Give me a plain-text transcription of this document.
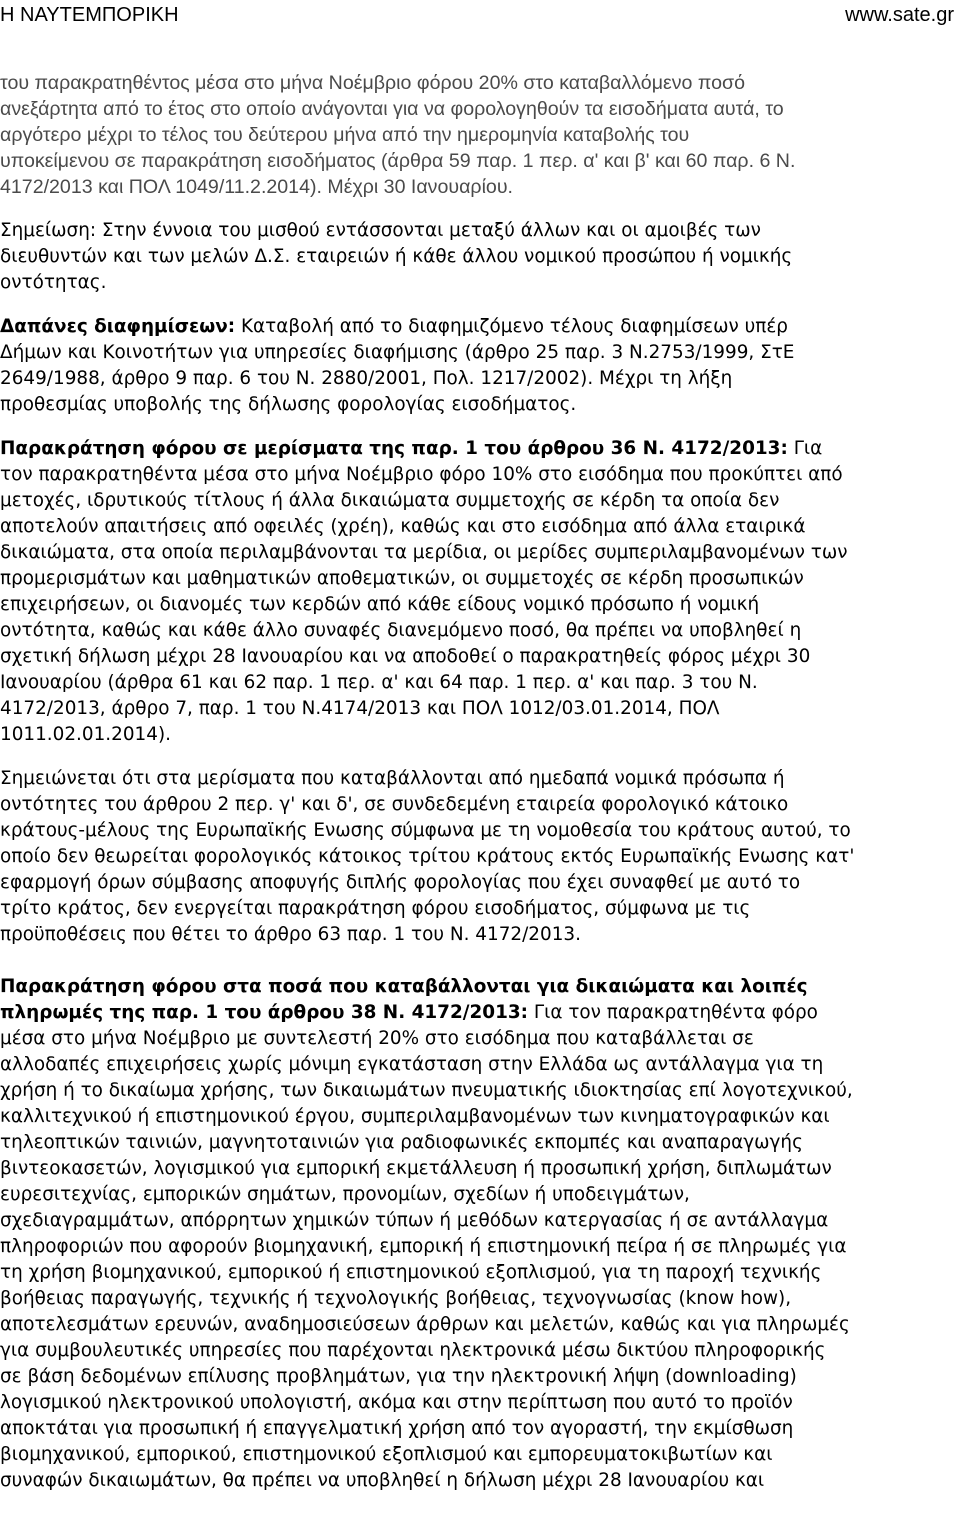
Η ΝΑΥΤΕΜΠΟΡΙΚΗ	www.sate.gr
του παρακρατηθέντος μέσα στο μήνα Νοέμβριο φόρου 20% στο καταβαλλόμενο ποσό
ανεξάρτητα από το έτος στο οποίο ανάγονται για να φορολογηθούν τα εισοδήματα αυτά, το
αργότερο μέχρι το τέλος του δεύτερου μήνα από την ημερομηνία καταβολής του
υποκείμενου σε παρακράτηση εισοδήματος (άρθρα 59 παρ. 1 περ. α' και β' και 60 παρ. 6 Ν.
4172/2013 και ΠΟΛ 1049/11.2.2014). Μέχρι 30 Ιανουαρίου.
Σημείωση: Στην έννοια του μισθού εντάσσονται μεταξύ άλλων και οι αμοιβές των
διευθυντών και των μελών Δ.Σ. εταιρειών ή κάθε άλλου νομικού προσώπου ή νομικής
οντότητας.
Δαπάνες διαφημίσεων: Καταβολή από το διαφημιζόμενο τέλους διαφημίσεων υπέρ
Δήμων και Κοινοτήτων για υπηρεσίες διαφήμισης (άρθρο 25 παρ. 3 Ν.2753/1999, ΣτΕ
2649/1988, άρθρο 9 παρ. 6 του Ν. 2880/2001, Πολ. 1217/2002). Μέχρι τη λήξη
προθεσμίας υποβολής της δήλωσης φορολογίας εισοδήματος.
Παρακράτηση φόρου σε μερίσματα της παρ. 1 του άρθρου 36 Ν. 4172/2013: Για
τον παρακρατηθέντα μέσα στο μήνα Νοέμβριο φόρο 10% στο εισόδημα που προκύπτει από
μετοχές, ιδρυτικούς τίτλους ή άλλα δικαιώματα συμμετοχής σε κέρδη τα οποία δεν
αποτελούν απαιτήσεις από οφειλές (χρέη), καθώς και στο εισόδημα από άλλα εταιρικά
δικαιώματα, στα οποία περιλαμβάνονται τα μερίδια, οι μερίδες συμπεριλαμβανομένων των
προμερισμάτων και μαθηματικών αποθεματικών, οι συμμετοχές σε κέρδη προσωπικών
επιχειρήσεων, οι διανομές των κερδών από κάθε είδους νομικό πρόσωπο ή νομική
οντότητα, καθώς και κάθε άλλο συναφές διανεμόμενο ποσό, θα πρέπει να υποβληθεί η
σχετική δήλωση μέχρι 28 Ιανουαρίου και να αποδοθεί ο παρακρατηθείς φόρος μέχρι 30
Ιανουαρίου (άρθρα 61 και 62 παρ. 1 περ. α' και 64 παρ. 1 περ. α' και παρ. 3 του Ν.
4172/2013, άρθρο 7, παρ. 1 του Ν.4174/2013 και ΠΟΛ 1012/03.01.2014, ΠΟΛ
1011.02.01.2014).
Σημειώνεται ότι στα μερίσματα που καταβάλλονται από ημεδαπά νομικά πρόσωπα ή
οντότητες του άρθρου 2 περ. γ' και δ', σε συνδεδεμένη εταιρεία φορολογικό κάτοικο
κράτους-μέλους της Ευρωπαϊκής Ενωσης σύμφωνα με τη νομοθεσία του κράτους αυτού, το
οποίο δεν θεωρείται φορολογικός κάτοικος τρίτου κράτους εκτός Ευρωπαϊκής Ενωσης κατ'
εφαρμογή όρων σύμβασης αποφυγής διπλής φορολογίας που έχει συναφθεί με αυτό το
τρίτο κράτος, δεν ενεργείται παρακράτηση φόρου εισοδήματος, σύμφωνα με τις
προϋποθέσεις που θέτει το άρθρο 63 παρ. 1 του Ν. 4172/2013.
Παρακράτηση φόρου στα ποσά που καταβάλλονται για δικαιώματα και λοιπές
πληρωμές της παρ. 1 του άρθρου 38 Ν. 4172/2013: Για τον παρακρατηθέντα φόρο
μέσα στο μήνα Νοέμβριο με συντελεστή 20% στο εισόδημα που καταβάλλεται σε
αλλοδαπές επιχειρήσεις χωρίς μόνιμη εγκατάσταση στην Ελλάδα ως αντάλλαγμα για τη
χρήση ή το δικαίωμα χρήσης, των δικαιωμάτων πνευματικής ιδιοκτησίας επί λογοτεχνικού,
καλλιτεχνικού ή επιστημονικού έργου, συμπεριλαμβανομένων των κινηματογραφικών και
τηλεοπτικών ταινιών, μαγνητοταινιών για ραδιοφωνικές εκπομπές και αναπαραγωγής
βιντεοκασετών, λογισμικού για εμπορική εκμετάλλευση ή προσωπική χρήση, διπλωμάτων
ευρεσιτεχνίας, εμπορικών σημάτων, προνομίων, σχεδίων ή υποδειγμάτων,
σχεδιαγραμμάτων, απόρρητων χημικών τύπων ή μεθόδων κατεργασίας ή σε αντάλλαγμα
πληροφοριών που αφορούν βιομηχανική, εμπορική ή επιστημονική πείρα ή σε πληρωμές για
τη χρήση βιομηχανικού, εμπορικού ή επιστημονικού εξοπλισμού, για τη παροχή τεχνικής
βοήθειας παραγωγής, τεχνικής ή τεχνολογικής βοήθειας, τεχνογνωσίας (know how),
αποτελεσμάτων ερευνών, αναδημοσιεύσεων άρθρων και μελετών, καθώς και για πληρωμές
για συμβουλευτικές υπηρεσίες που παρέχονται ηλεκτρονικά μέσω δικτύου πληροφορικής
σε βάση δεδομένων επίλυσης προβλημάτων, για την ηλεκτρονική λήψη (downloading)
λογισμικού ηλεκτρονικού υπολογιστή, ακόμα και στην περίπτωση που αυτό το προϊόν
αποκτάται για προσωπική ή επαγγελματική χρήση από τον αγοραστή, την εκμίσθωση
βιομηχανικού, εμπορικού, επιστημονικού εξοπλισμού και εμπορευματοκιβωτίων και
συναφών δικαιωμάτων, θα πρέπει να υποβληθεί η δήλωση μέχρι 28 Ιανουαρίου και
